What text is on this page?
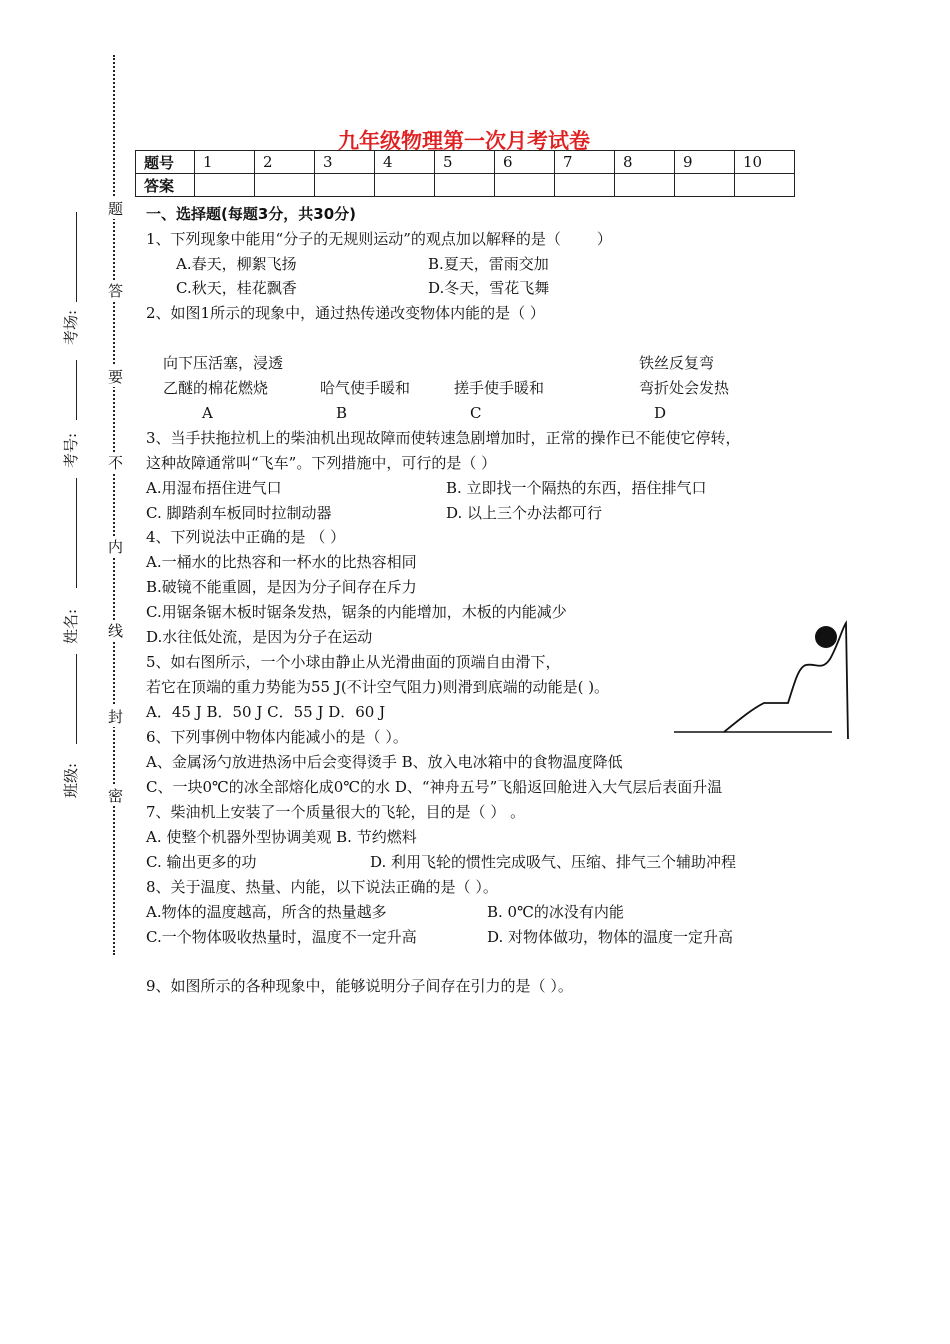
题
答
要
不
内
线
封
密
考场:
考号:
姓名:
班级:
九年级物理第一次月考试卷
题号	1	2	3	4	5	6	7	8	9	10
答案										
一、选择题(每题3分，共30分)
1、下列现象中能用“分子的无规则运动”的观点加以解释的是（ ）
A.春天，柳絮飞扬	B.夏天，雷雨交加
C.秋天，桂花飘香	D.冬天，雪花飞舞
2、如图1所示的现象中，通过热传递改变物体内能的是（ ）
向下压活塞，浸透	铁丝反复弯
乙醚的棉花燃烧	哈气使手暖和	搓手使手暖和	弯折处会发热
A	B	C	D
3、当手扶拖拉机上的柴油机出现故障而使转速急剧增加时，正常的操作已不能使它停转，
这种故障通常叫“飞车”。下列措施中，可行的是（ ）
A.用湿布捂住进气口	B. 立即找一个隔热的东西，捂住排气口
C. 脚踏刹车板同时拉制动器	D. 以上三个办法都可行
4、下列说法中正确的是 （ ）
A.一桶水的比热容和一杯水的比热容相同
B.破镜不能重圆，是因为分子间存在斥力
C.用锯条锯木板时锯条发热，锯条的内能增加，木板的内能减少
D.水往低处流，是因为分子在运动
5、如右图所示，一个小球由静止从光滑曲面的顶端自由滑下，
若它在顶端的重力势能为55 J(不计空气阻力)则滑到底端的动能是( )。
A．45 J B．50 J C．55 J D．60 J
6、下列事例中物体内能减小的是（ ）。
A、金属汤勺放进热汤中后会变得烫手 B、放入电冰箱中的食物温度降低
C、一块0℃的冰全部熔化成0℃的水 D、“神舟五号”飞船返回舱进入大气层后表面升温
7、柴油机上安装了一个质量很大的飞轮，目的是（ ） 。
A. 使整个机器外型协调美观 B. 节约燃料
C. 输出更多的功	D. 利用飞轮的惯性完成吸气、压缩、排气三个辅助冲程
8、关于温度、热量、内能，以下说法正确的是（ ）。
A.物体的温度越高，所含的热量越多	B. 0℃的冰没有内能
C.一个物体吸收热量时，温度不一定升高	D. 对物体做功，物体的温度一定升高
9、如图所示的各种现象中，能够说明分子间存在引力的是（ ）。
